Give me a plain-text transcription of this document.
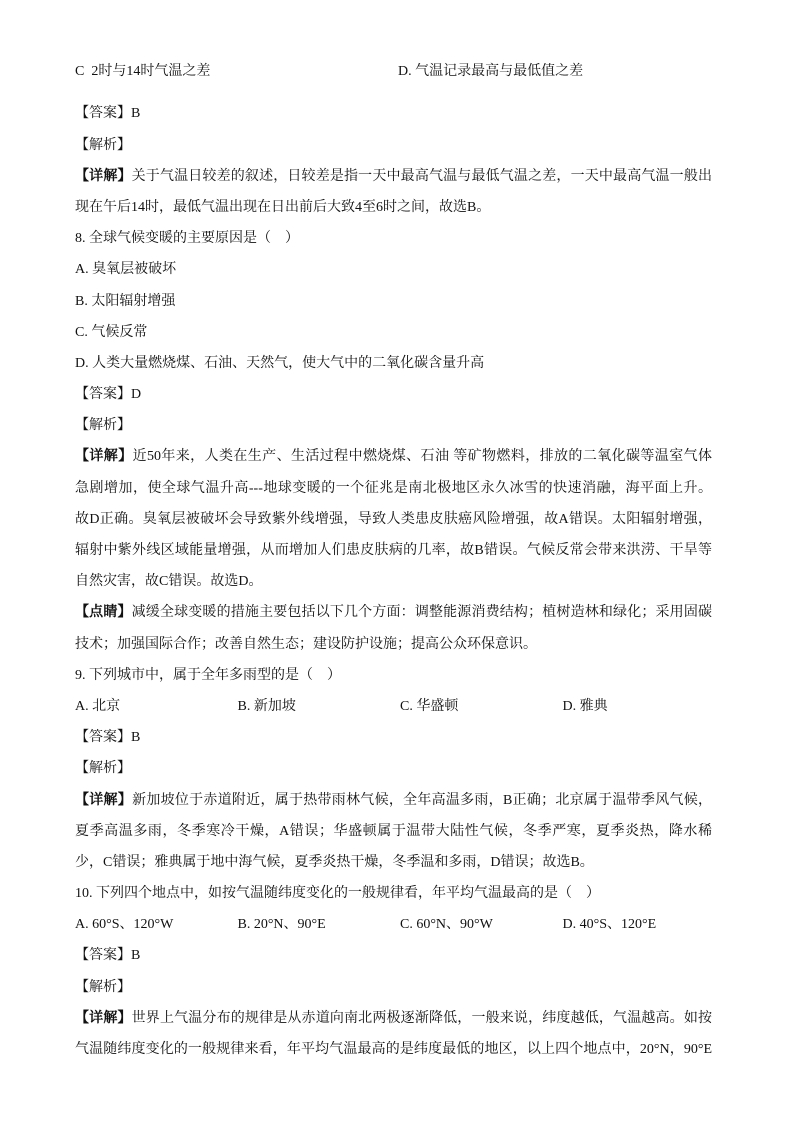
C  2时与14时气温之差	D. 气温记录最高与最低值之差
【答案】B
【解析】
【详解】关于气温日较差的叙述，日较差是指一天中最高气温与最低气温之差，一天中最高气温一般出
现在午后14时，最低气温出现在日出前后大致4至6时之间，故选B。
8. 全球气候变暖的主要原因是（    ）
A. 臭氧层被破坏
B. 太阳辐射增强
C. 气候反常
D. 人类大量燃烧煤、石油、天然气，使大气中的二氧化碳含量升高
【答案】D
【解析】
【详解】近50年来，人类在生产、生活过程中燃烧煤、石油 等矿物燃料，排放的二氧化碳等温室气体
急剧增加，使全球气温升高---地球变暖的一个征兆是南北极地区永久冰雪的快速消融，海平面上升。
故D正确。臭氧层被破坏会导致紫外线增强，导致人类患皮肤癌风险增强，故A错误。太阳辐射增强，
辐射中紫外线区域能量增强，从而增加人们患皮肤病的几率，故B错误。气候反常会带来洪涝、干旱等
自然灾害，故C错误。故选D。
【点睛】减缓全球变暖的措施主要包括以下几个方面：调整能源消费结构；植树造林和绿化；采用固碳
技术；加强国际合作；改善自然生态；建设防护设施；提高公众环保意识。
9. 下列城市中，属于全年多雨型的是（    ）
A. 北京	B. 新加坡	C. 华盛顿	D. 雅典
【答案】B
【解析】
【详解】新加坡位于赤道附近，属于热带雨林气候，全年高温多雨，B正确；北京属于温带季风气候，
夏季高温多雨，冬季寒冷干燥，A错误；华盛顿属于温带大陆性气候，冬季严寒，夏季炎热，降水稀
少，C错误；雅典属于地中海气候，夏季炎热干燥，冬季温和多雨，D错误；故选B。
10. 下列四个地点中，如按气温随纬度变化的一般规律看，年平均气温最高的是（    ）
A. 60°S、120°W	B. 20°N、90°E	C. 60°N、90°W	D. 40°S、120°E
【答案】B
【解析】
【详解】世界上气温分布的规律是从赤道向南北两极逐渐降低，一般来说，纬度越低，气温越高。如按
气温随纬度变化的一般规律来看，年平均气温最高的是纬度最低的地区，以上四个地点中，20°N，90°E
